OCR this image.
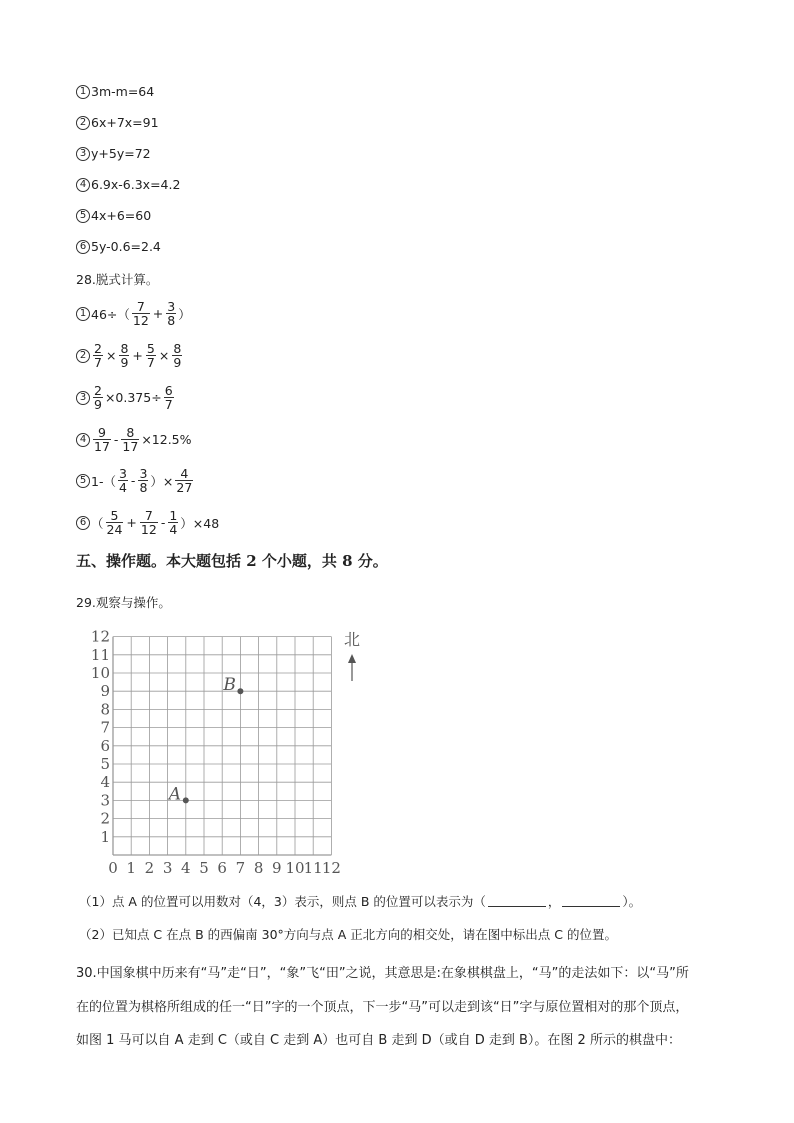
1 3m-m=64
2 6x+7x=91
3 y+5y=72
4 6.9x-6.3x=4.2
5 4x+6=60
6 5y-0.6=2.4
28.脱式计算。
1 $46\div( \frac{7}{12} + \frac{3}{8}$ ）
$2 \frac{2}{7} \times \frac{8}{9} + \frac{5}{7} \times \frac{8}{9}$
$3 \frac{2}{9} \times 0.375\div \frac{6}{7}$
$4 \frac{9}{17} - \frac{8}{17} \times 12.5\%$
5 $1-( \frac{3}{4} - \frac{3}{8}$ ）× $\frac{4}{27}$
6 （ $\frac{5}{24} + \frac{7}{12} - \frac{1}{4} )\times 48$
五、操作题。本大题包括 2 个小题，共 8 分。
29.观察与操作。
1
2
3
4
5
6
7
8
9
10
11
12
0 1 2 3 4 5 6 7 8 9 10 11 12
A
B
北
（1）点 A 的位置可以用数对（4，3）表示，则点 B 的位置可以表示为（	，	）。
（2）已知点 C 在点 B 的西偏南 30°方向与点 A 正北方向的相交处，请在图中标出点 C 的位置。
30.中国象棋中历来有“马”走“日”，“象”飞“田”之说，其意思是:在象棋棋盘上，“马”的走法如下：以“马”所
在的位置为棋格所组成的任一“日”字的一个顶点，下一步“马”可以走到该“日”字与原位置相对的那个顶点，
如图 1 马可以自 A 走到 C（或自 C 走到 A）也可自 B 走到 D（或自 D 走到 B）。在图 2 所示的棋盘中：
